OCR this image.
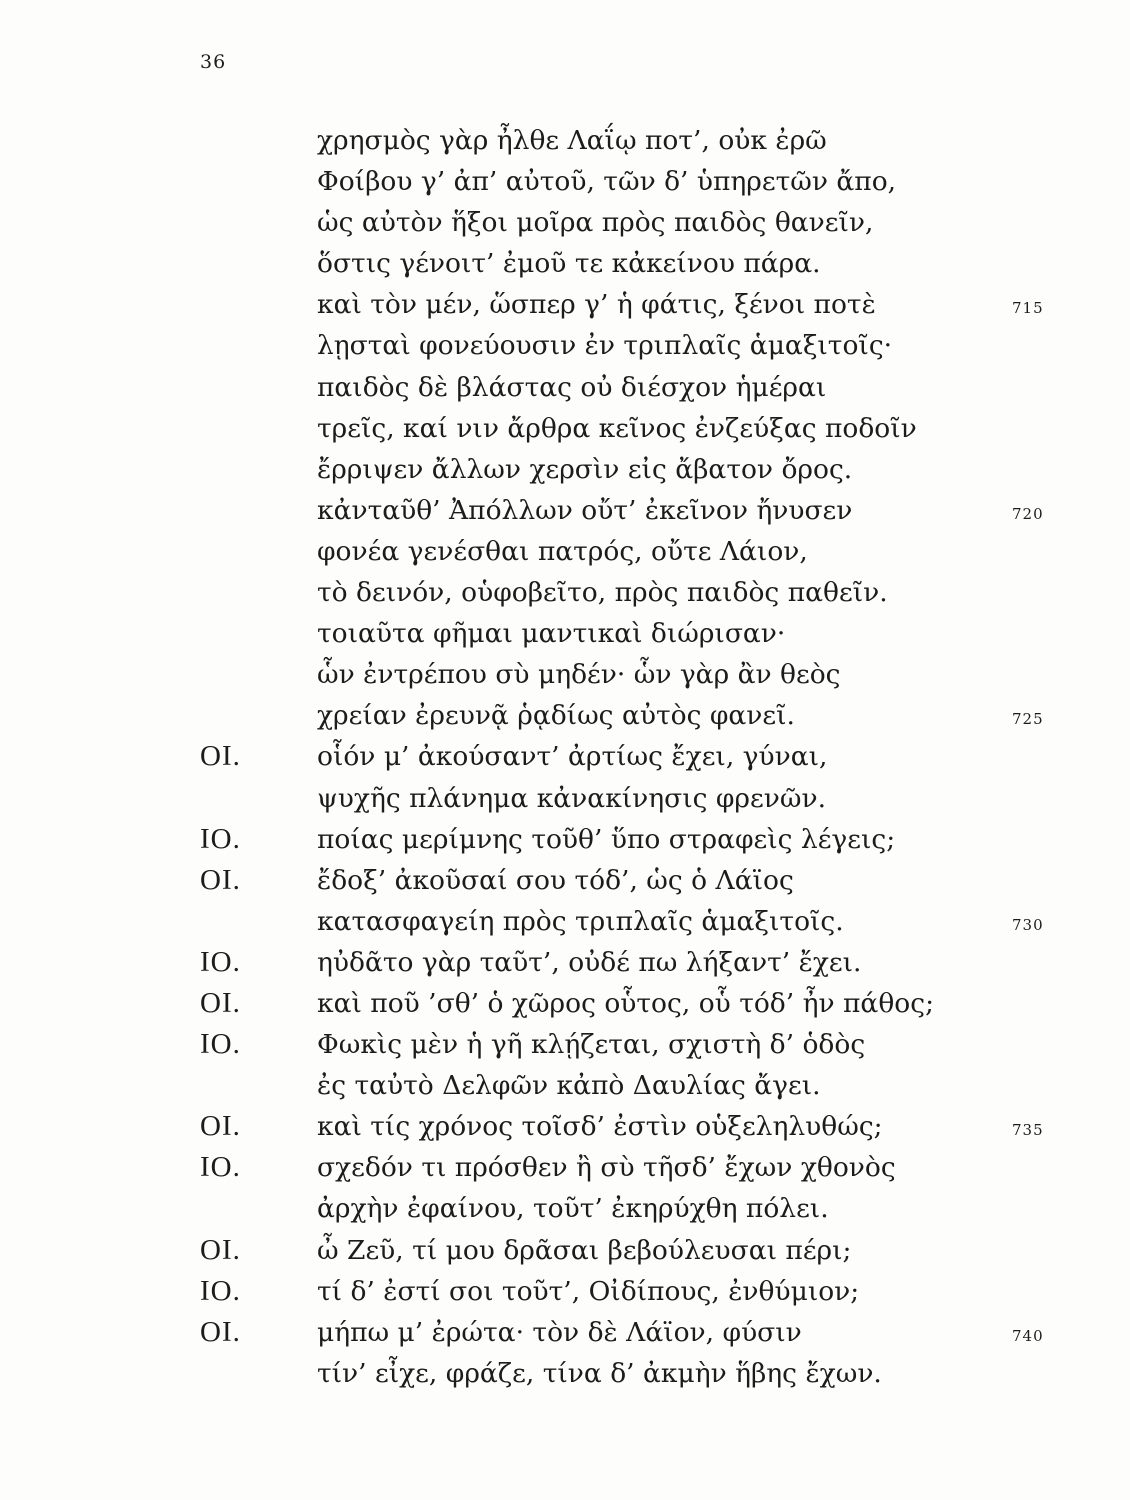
36
χρησμὸς γὰρ ἦλθε Λαΐῳ ποτ’, οὐκ ἐρῶ
Φοίβου γ’ ἀπ’ αὐτοῦ, τῶν δ’ ὑπηρετῶν ἄπο,
ὡς αὐτὸν ἥξοι μοῖρα πρὸς παιδὸς θανεῖν,
ὅστις γένοιτ’ ἐμοῦ τε κἀκείνου πάρα.
καὶ τὸν μέν, ὥσπερ γ’ ἡ φάτις, ξένοι ποτὲ	715
λῃσταὶ φονεύουσιν ἐν τριπλαῖς ἁμαξιτοῖς·
παιδὸς δὲ βλάστας οὐ διέσχον ἡμέραι
τρεῖς, καί νιν ἄρθρα κεῖνος ἐνζεύξας ποδοῖν
ἔρριψεν ἄλλων χερσὶν εἰς ἄβατον ὄρος.
κἀνταῦθ’ Ἀπόλλων οὔτ’ ἐκεῖνον ἤνυσεν	720
φονέα γενέσθαι πατρός, οὔτε Λάιον,
τὸ δεινόν, οὑφοβεῖτο, πρὸς παιδὸς παθεῖν.
τοιαῦτα φῆμαι μαντικαὶ διώρισαν·
ὧν ἐντρέπου σὺ μηδέν· ὧν γὰρ ἂν θεὸς
χρείαν ἐρευνᾷ ῥᾳδίως αὐτὸς φανεῖ.	725
ΟΙ.	οἷόν μ’ ἀκούσαντ’ ἀρτίως ἔχει, γύναι,
ψυχῆς πλάνημα κἀνακίνησις φρενῶν.
ΙΟ.	ποίας μερίμνης τοῦθ’ ὕπο στραφεὶς λέγεις;
ΟΙ.	ἔδοξ’ ἀκοῦσαί σου τόδ’, ὡς ὁ Λάϊος
κατασφαγείη πρὸς τριπλαῖς ἁμαξιτοῖς.	730
ΙΟ.	ηὐδᾶτο γὰρ ταῦτ’, οὐδέ πω λήξαντ’ ἔχει.
ΟΙ.	καὶ ποῦ ’σθ’ ὁ χῶρος οὗτος, οὗ τόδ’ ἦν πάθος;
ΙΟ.	Φωκὶς μὲν ἡ γῆ κλῄζεται, σχιστὴ δ’ ὁδὸς
ἐς ταὐτὸ Δελφῶν κἀπὸ Δαυλίας ἄγει.
ΟΙ.	καὶ τίς χρόνος τοῖσδ’ ἐστὶν οὑξεληλυθώς;	735
ΙΟ.	σχεδόν τι πρόσθεν ἢ σὺ τῆσδ’ ἔχων χθονὸς
ἀρχὴν ἐφαίνου, τοῦτ’ ἐκηρύχθη πόλει.
ΟΙ.	ὦ Ζεῦ, τί μου δρᾶσαι βεβούλευσαι πέρι;
ΙΟ.	τί δ’ ἐστί σοι τοῦτ’, Οἰδίπους, ἐνθύμιον;
ΟΙ.	μήπω μ’ ἐρώτα· τὸν δὲ Λάϊον, φύσιν	740
τίν’ εἶχε, φράζε, τίνα δ’ ἀκμὴν ἥβης ἔχων.
